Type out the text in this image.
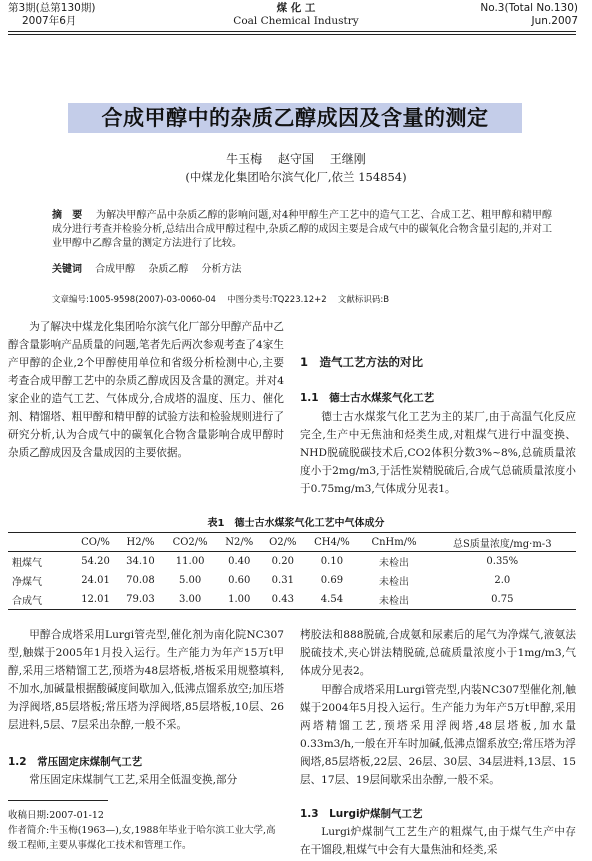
第3期(总第130期)
2007年6月
煤 化 工
Coal Chemical Industry
No.3(Total No.130)
Jun.2007
合成甲醇中的杂质乙醇成因及含量的测定
牛玉梅　 赵守国　 王继刚
(中煤龙化集团哈尔滨气化厂,依兰 154854)
摘　要　 为解决甲醇产品中杂质乙醇的影响问题,对4种甲醇生产工艺中的造气工艺、合成工艺、粗甲醇和精甲醇成分进行考查并检验分析,总结出合成甲醇过程中,杂质乙醇的成因主要是合成气中的碳氧化合物含量引起的,并对工业甲醇中乙醇含量的测定方法进行了比较。
关键词　 合成甲醇　 杂质乙醇　 分析方法
文章编号:1005-9598(2007)-03-0060-04　 中图分类号:TQ223.12+2　 文献标识码:B
为了解决中煤龙化集团哈尔滨气化厂部分甲醇产品中乙醇含量影响产品质量的问题,笔者先后两次参观考查了4家生产甲醇的企业,2个甲醇使用单位和省级分析检测中心,主要考查合成甲醇工艺中的杂质乙醇成因及含量的测定。并对4家企业的造气工艺、气体成分,合成塔的温度、压力、催化剂、精馏塔、粗甲醇和精甲醇的试验方法和检验规则进行了研究分析,认为合成气中的碳氧化合物含量影响合成甲醇时杂质乙醇成因及含量成因的主要依据。
1　造气工艺方法的对比
1.1　德士古水煤浆气化工艺
德士古水煤浆气化工艺为主的某厂,由于高温气化反应完全,生产中无焦油和烃类生成,对粗煤气进行中温变换、NHD脱硫脱碳技术后,CO2体积分数3%~8%,总硫质量浓度小于2mg/m3,于活性炭精脱硫后,合成气总硫质量浓度小于0.75mg/m3,气体成分见表1。
表1　德士古水煤浆气化工艺中气体成分
	CO/%	H2/%	CO2/%	N2/%	O2/%	CH4/%	CnHm/%	总S质量浓度/mg·m-3
粗煤气	54.20	34.10	11.00	0.40	0.20	0.10	未检出	0.35%
净煤气	24.01	70.08	5.00	0.60	0.31	0.69	未检出	2.0
合成气	12.01	79.03	3.00	1.00	0.43	4.54	未检出	0.75
甲醇合成塔采用Lurgi管壳型,催化剂为南化院NC307型,触媒于2005年1月投入运行。生产能力为年产15万t甲醇,采用三塔精馏工艺,预塔为48层塔板,塔板采用规整填料,不加水,加碱量根据酸碱度间歇加入,低沸点馏系放空;加压塔为浮阀塔,85层塔板;常压塔为浮阀塔,85层塔板,10层、26层进料,5层、7层采出杂醇,一般不采。
1.2　常压固定床煤制气工艺
常压固定床煤制气工艺,采用全低温变换,部分
收稿日期:2007-01-12
作者简介:牛玉梅(1963—),女,1988年毕业于哈尔滨工业大学,高级工程师,主要从事煤化工技术和管理工作。
栲胶法和888脱硫,合成氨和尿素后的尾气为净煤气,液氨法脱硫技术,夹心饼法精脱硫,总硫质量浓度小于1mg/m3,气体成分见表2。
甲醇合成塔采用Lurgi管壳型,内装NC307型催化剂,触媒于2004年5月投入运行。生产能力为年产5万t甲醇,采用两塔精馏工艺,预塔采用浮阀塔,48层塔板,加水量0.33m3/h,一般在开车时加碱,低沸点馏系放空;常压塔为浮阀塔,85层塔板,22层、26层、30层、34层进料,13层、15层、17层、19层间歇采出杂醇,一般不采。
1.3　Lurgi炉煤制气工艺
Lurgi炉煤制气工艺生产的粗煤气,由于煤气生产中存在干馏段,粗煤气中会有大量焦油和烃类,采
